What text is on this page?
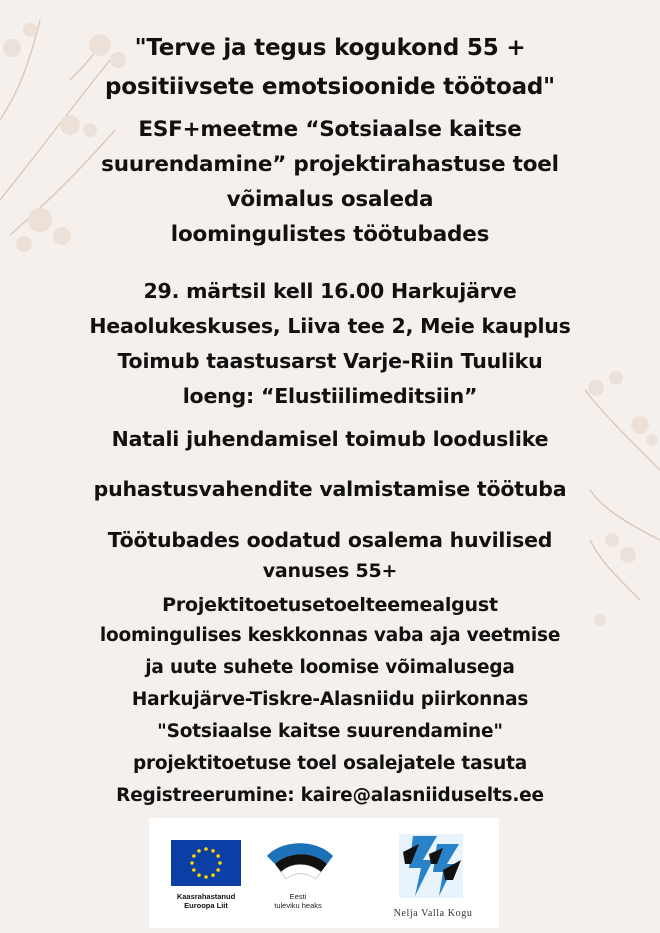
"Terve ja tegus kogukond 55 +
positiivsete emotsioonide töötoad"
ESF+meetme “Sotsiaalse kaitse
suurendamine” projektirahastuse toel
võimalus osaleda
loomingulistes töötubades
29. märtsil kell 16.00 Harkujärve
Heaolukeskuses, Liiva tee 2, Meie kauplus
Toimub taastusarst Varje-Riin Tuuliku
loeng: “Elustiilimeditsiin”
Natali juhendamisel toimub looduslike
puhastusvahendite valmistamise töötuba
Töötubades oodatud osalema huvilised
vanuses 55+
Projektitoetusetoelteemealgust
loomingulises keskkonnas vaba aja veetmise
ja uute suhete loomise võimalusega
Harkujärve-Tiskre-Alasniidu piirkonnas
"Sotsiaalse kaitse suurendamine"
projektitoetuse toel osalejatele tasuta
Registreerumine: kaire@alasniiduselts.ee
Kaasrahastanud
Euroopa Liit
Eesti
tuleviku heaks
Nelja Valla Kogu
